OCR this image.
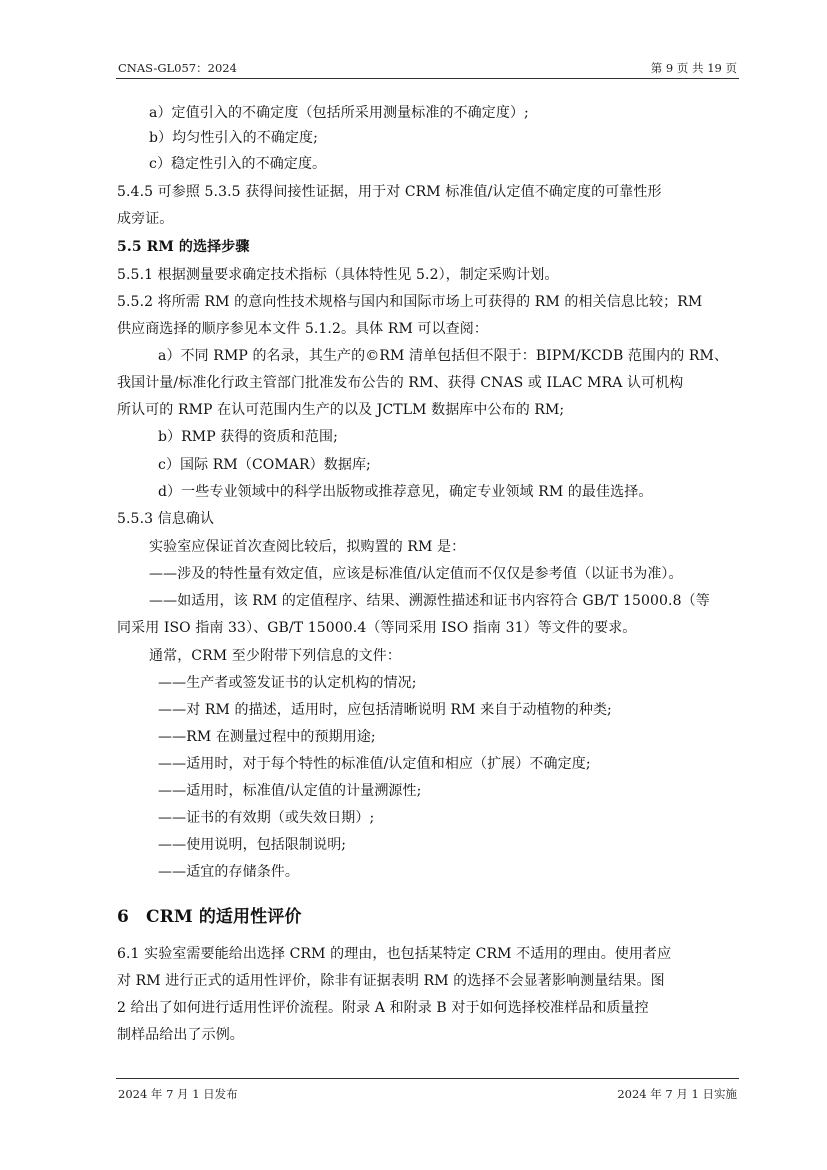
CNAS-GL057：2024	第 9 页 共 19 页
a）定值引入的不确定度（包括所采用测量标准的不确定度）;
b）均匀性引入的不确定度;
c）稳定性引入的不确定度。
5.4.5 可参照 5.3.5 获得间接性证据，用于对 CRM 标准值/认定值不确定度的可靠性形
成旁证。
5.5 RM 的选择步骤
5.5.1 根据测量要求确定技术指标（具体特性见 5.2），制定采购计划。
5.5.2 将所需 RM 的意向性技术规格与国内和国际市场上可获得的 RM 的相关信息比较；RM
供应商选择的顺序参见本文件 5.1.2。具体 RM 可以查阅：
a）不同 RMP 的名录，其生产的©RM 清单包括但不限于：BIPM/KCDB 范围内的 RM、
我国计量/标准化行政主管部门批准发布公告的 RM、获得 CNAS 或 ILAC MRA 认可机构
所认可的 RMP 在认可范围内生产的以及 JCTLM 数据库中公布的 RM;
b）RMP 获得的资质和范围;
c）国际 RM（COMAR）数据库;
d）一些专业领域中的科学出版物或推荐意见，确定专业领域 RM 的最佳选择。
5.5.3 信息确认
实验室应保证首次查阅比较后，拟购置的 RM 是：
——涉及的特性量有效定值，应该是标准值/认定值而不仅仅是参考值（以证书为准）。
——如适用，该 RM 的定值程序、结果、溯源性描述和证书内容符合 GB/T 15000.8（等
同采用 ISO 指南 33）、GB/T 15000.4（等同采用 ISO 指南 31）等文件的要求。
通常，CRM 至少附带下列信息的文件：
——生产者或签发证书的认定机构的情况;
——对 RM 的描述，适用时，应包括清晰说明 RM 来自于动植物的种类;
——RM 在测量过程中的预期用途;
——适用时，对于每个特性的标准值/认定值和相应（扩展）不确定度;
——适用时，标准值/认定值的计量溯源性;
——证书的有效期（或失效日期）;
——使用说明，包括限制说明;
——适宜的存储条件。
6　CRM 的适用性评价
6.1 实验室需要能给出选择 CRM 的理由，也包括某特定 CRM 不适用的理由。使用者应
对 RM 进行正式的适用性评价，除非有证据表明 RM 的选择不会显著影响测量结果。图
2 给出了如何进行适用性评价流程。附录 A 和附录 B 对于如何选择校准样品和质量控
制样品给出了示例。
2024 年 7 月 1 日发布	2024 年 7 月 1 日实施
